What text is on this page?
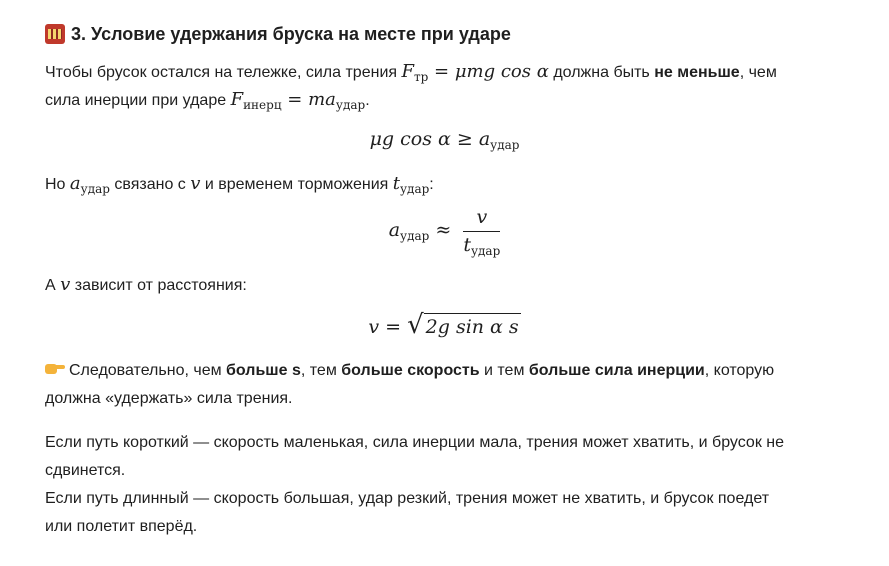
3. Условие удержания бруска на месте при ударе
Чтобы брусок остался на тележке, сила трения $F_{тр} = \mu mg$ cos α должна быть не меньше, чем
сила инерции при ударе $F_{инерц} = ma_{удар}$.
μg $\cos \alpha \ge a_{удар}$
Но $a_{удар}$ связано с v и временем торможения $t_{удар}$:
$a_{удар} \approx \frac{v}{t_{удар}}$
А v зависит от расстояния:
v = √ 2g sin α s
Следовательно, чем больше s, тем больше скорость и тем больше сила инерции, которую
должна «удержать» сила трения.
Если путь короткий — скорость маленькая, сила инерции мала, трения может хватить, и брусок не
сдвинется.
Если путь длинный — скорость большая, удар резкий, трения может не хватить, и брусок поедет
или полетит вперёд.
